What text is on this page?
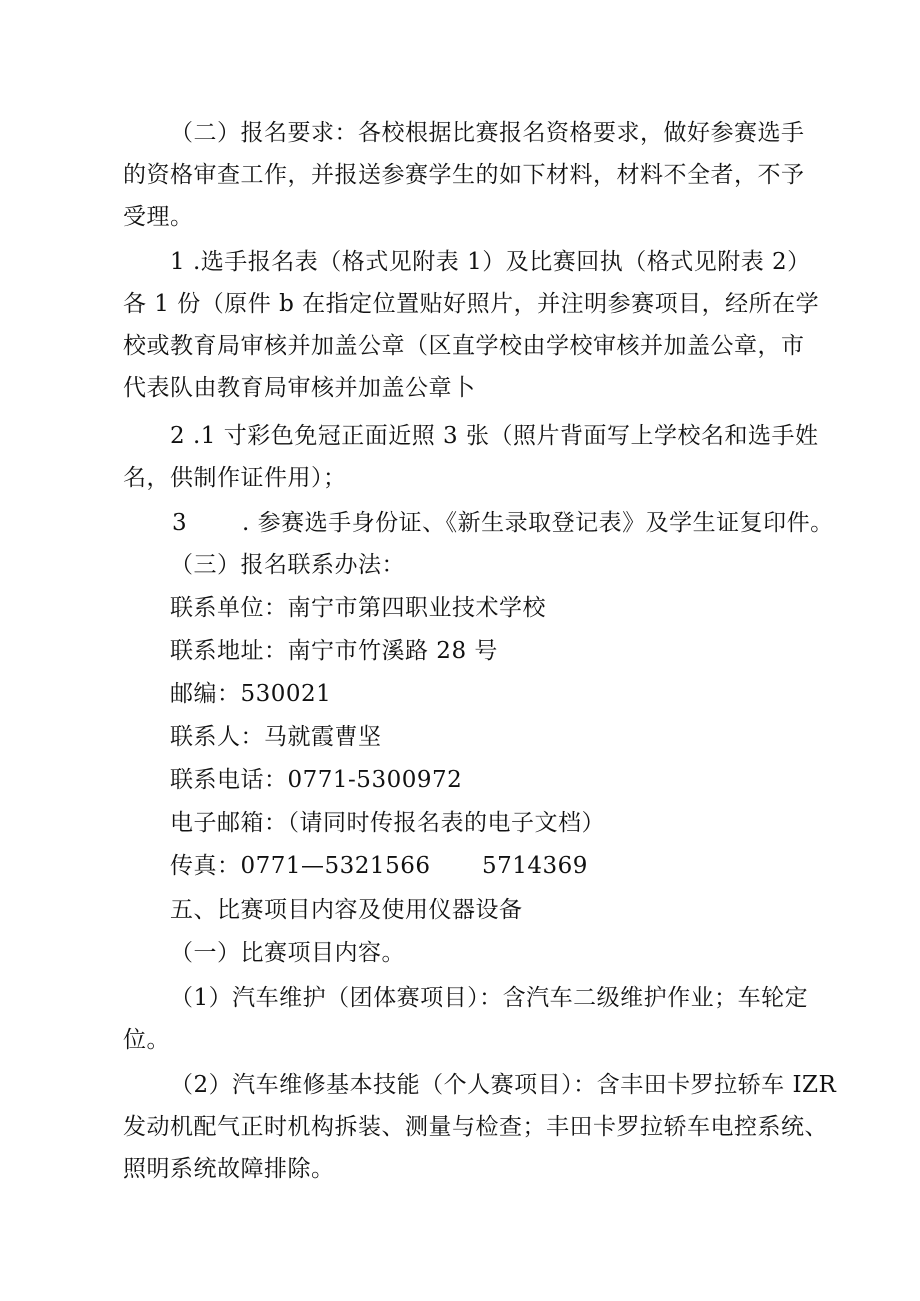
（二）报名要求：各校根据比赛报名资格要求，做好参赛选手
的资格审查工作，并报送参赛学生的如下材料，材料不全者，不予
受理。
1 .选手报名表（格式见附表 1）及比赛回执（格式见附表 2）
各 1 份（原件 b 在指定位置贴好照片，并注明参赛项目，经所在学
校或教育局审核并加盖公章（区直学校由学校审核并加盖公章，市
代表队由教育局审核并加盖公章卜
2 .1 寸彩色免冠正面近照 3 张（照片背面写上学校名和选手姓
名，供制作证件用）；
3 . 参赛选手身份证、《新生录取登记表》及学生证复印件。
（三）报名联系办法：
联系单位：南宁市第四职业技术学校
联系地址：南宁市竹溪路 28 号
邮编：530021
联系人：马就霞曹坚
联系电话：0771-5300972
电子邮箱：（请同时传报名表的电子文档）
传真：0771—5321566 5714369
五、比赛项目内容及使用仪器设备
（一）比赛项目内容。
（1）汽车维护（团体赛项目）：含汽车二级维护作业；车轮定
位。
（2）汽车维修基本技能（个人赛项目）：含丰田卡罗拉轿车 IZR
发动机配气正时机构拆装、测量与检查；丰田卡罗拉轿车电控系统、
照明系统故障排除。
